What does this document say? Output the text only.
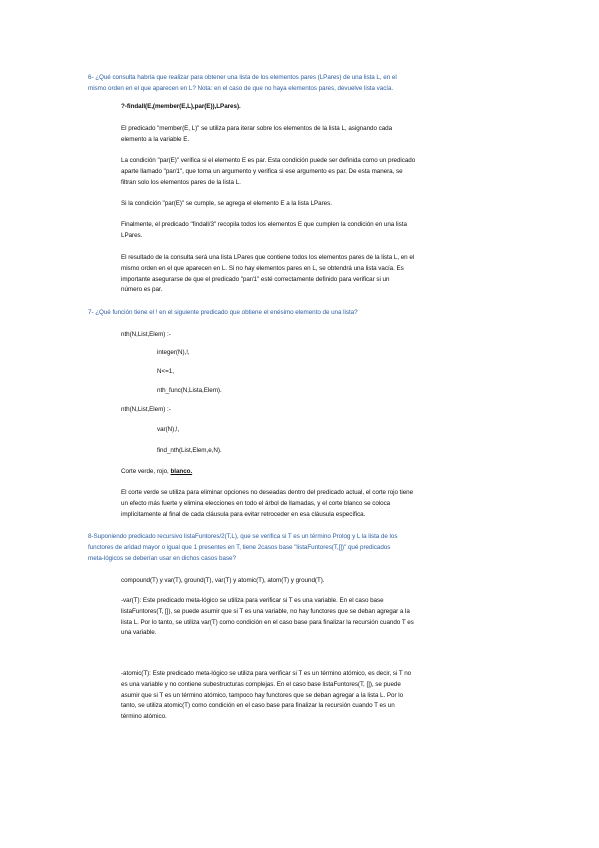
6- ¿Qué consulta habría que realizar para obtener una lista de los elementos pares (LPares) de una lista L, en el
mismo orden en el que aparecen en L? Nota: en el caso de que no haya elementos pares, devuelve lista vacía.
?-findall(E,(member(E,L),par(E)),LPares).
El predicado "member(E, L)" se utiliza para iterar sobre los elementos de la lista L, asignando cada
elemento a la variable E.
La condición "par(E)" verifica si el elemento E es par. Esta condición puede ser definida como un predicado
aparte llamado "par/1", que toma un argumento y verifica si ese argumento es par. De esta manera, se
filtran solo los elementos pares de la lista L.
Si la condición "par(E)" se cumple, se agrega el elemento E a la lista LPares.
Finalmente, el predicado "findall/3" recopila todos los elementos E que cumplen la condición en una lista
LPares.
El resultado de la consulta será una lista LPares que contiene todos los elementos pares de la lista L, en el
mismo orden en el que aparecen en L. Si no hay elementos pares en L, se obtendrá una lista vacía. Es
importante asegurarse de que el predicado "par/1" esté correctamente definido para verificar si un
número es par.
7- ¿Qué función tiene el ! en el siguiente predicado que obtiene el enésimo elemento de una lista?
nth(N,List,Elem) :-
integer(N),!,
N<=1,
nth_func(N,Lista,Elem).
nth(N,List,Elem) :-
var(N),!,
find_nth(List,Elem,e,N).
Corte verde, rojo, blanco.
El corte verde se utiliza para eliminar opciones no deseadas dentro del predicado actual, el corte rojo tiene
un efecto más fuerte y elimina elecciones en todo el árbol de llamadas, y el corte blanco se coloca
implícitamente al final de cada cláusula para evitar retroceder en esa cláusula específica.
8-Suponiendo predicado recursivo listaFuntores/2(T,L), que se verifica si T es un término Prolog y L la lista de los
functores de aridad mayor o igual que 1 presentes en T, tiene 2casos base "listaFuntores(T,[])" qué predicados
meta-lógicos se deberían usar en dichos casos base?
compound(T) y var(T), ground(T), var(T) y atomic(T), atom(T) y ground(T).
-var(T): Este predicado meta-lógico se utiliza para verificar si T es una variable. En el caso base
listaFuntores(T, []), se puede asumir que si T es una variable, no hay functores que se deban agregar a la
lista L. Por lo tanto, se utiliza var(T) como condición en el caso base para finalizar la recursión cuando T es
una variable.
-atomic(T): Este predicado meta-lógico se utiliza para verificar si T es un término atómico, es decir, si T no
es una variable y no contiene subestructuras complejas. En el caso base listaFuntores(T, []), se puede
asumir que si T es un término atómico, tampoco hay functores que se deban agregar a la lista L. Por lo
tanto, se utiliza atomic(T) como condición en el caso base para finalizar la recursión cuando T es un
término atómico.
